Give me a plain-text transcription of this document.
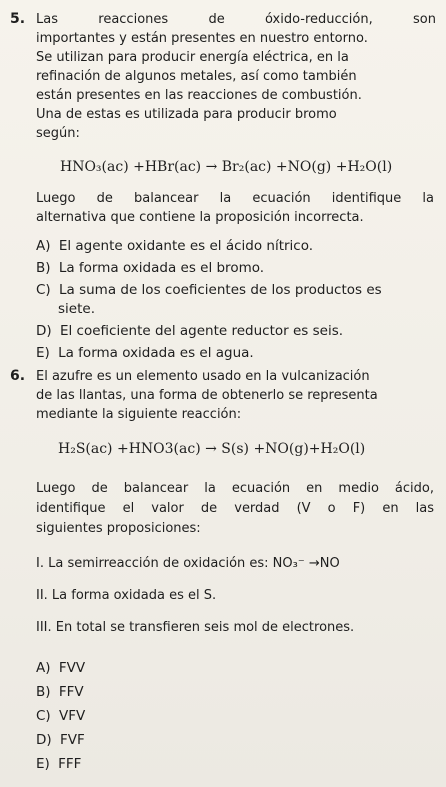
5. Las reacciones de óxido-reducción, son
importantes y están presentes en nuestro entorno.
Se utilizan para producir energía eléctrica, en la
refinación de algunos metales, así como también
están presentes en las reacciones de combustión.
Una de estas es utilizada para producir bromo
según:
HNO₃(ac) +HBr(ac) → Br₂(ac) +NO(g) +H₂O(l)
Luego de balancear la ecuación identifique la
alternativa que contiene la proposición incorrecta.
A) El agente oxidante es el ácido nítrico.
B) La forma oxidada es el bromo.
C) La suma de los coeficientes de los productos es
siete.
D) El coeficiente del agente reductor es seis.
E) La forma oxidada es el agua.
6. El azufre es un elemento usado en la vulcanización
de las llantas, una forma de obtenerlo se representa
mediante la siguiente reacción:
H₂S(ac) +HNO3(ac) → S(s) +NO(g)+H₂O(l)
Luego de balancear la ecuación en medio ácido,
identifique el valor de verdad (V o F) en las
siguientes proposiciones:
I. La semirreacción de oxidación es: NO₃⁻ →NO
II. La forma oxidada es el S.
III. En total se transfieren seis mol de electrones.
A) FVV
B) FFV
C) VFV
D) FVF
E) FFF
